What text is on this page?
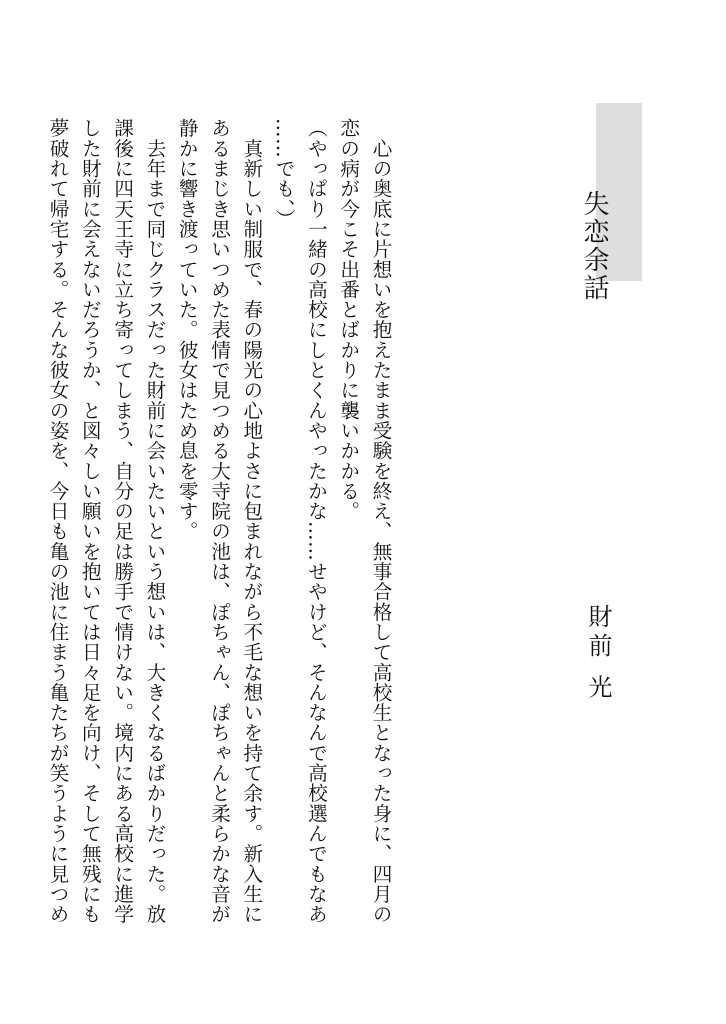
失恋余話
財前 光

　心の奥底に片想いを抱えたまま受験を終え、無事合格して高校生となった身に、四月の

恋の病が今こそ出番とばかりに襲いかかる。

（やっぱり一緒の高校にしとくんやったかな……せやけど、そんなんで高校選んでもなあ

……でも、）

　真新しい制服で、春の陽光の心地よさに包まれながら不毛な想いを持て余す。新入生に

あるまじき思いつめた表情で見つめる大寺院の池は、ぽちゃん、ぽちゃんと柔らかな音が

静かに響き渡っていた。彼女はため息を零す。

　去年まで同じクラスだった財前に会いたいという想いは、大きくなるばかりだった。放

課後に四天王寺に立ち寄ってしまう、自分の足は勝手で情けない。境内にある高校に進学

した財前に会えないだろうか、と図々しい願いを抱いては日々足を向け、そして無残にも

夢破れて帰宅する。そんな彼女の姿を、今日も亀の池に住まう亀たちが笑うように見つめ
